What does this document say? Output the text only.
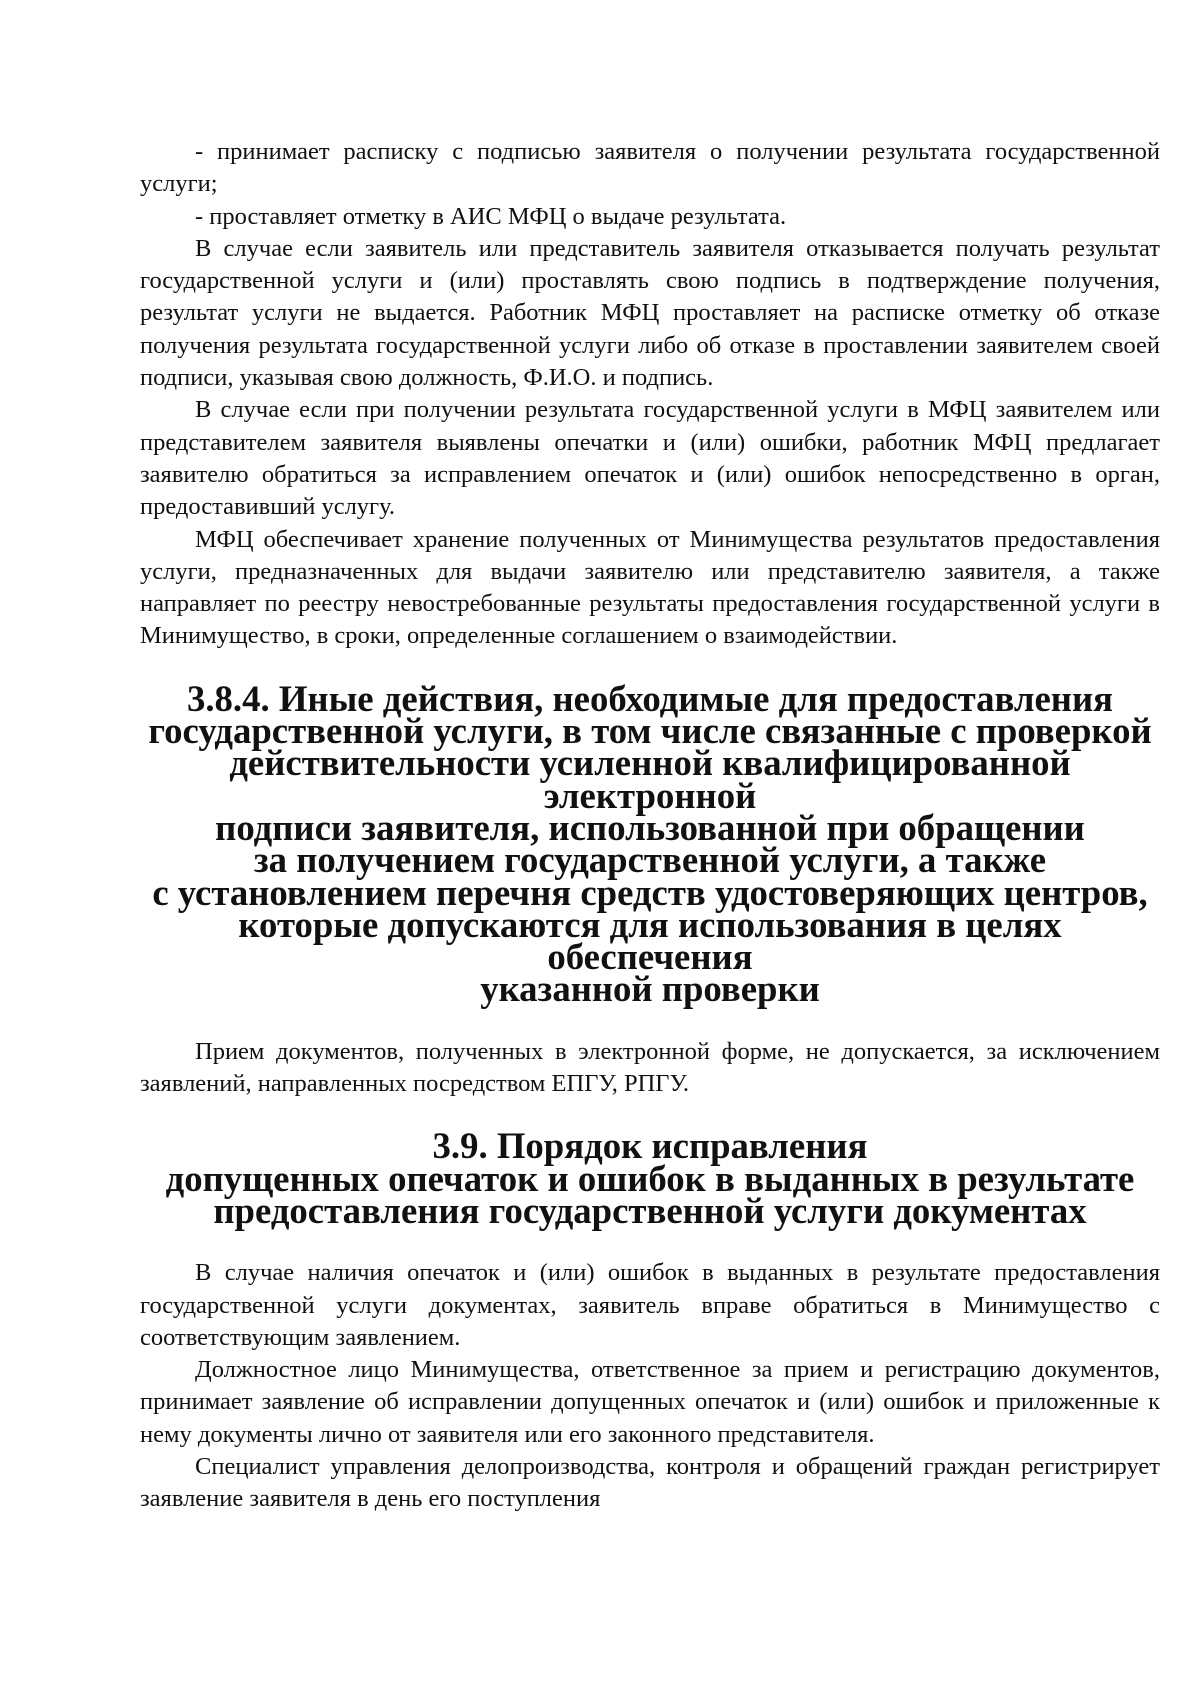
- принимает расписку с подписью заявителя о получении результата государственной услуги;

- проставляет отметку в АИС МФЦ о выдаче результата.

В случае если заявитель или представитель заявителя отказывается получать результат государственной услуги и (или) проставлять свою подпись в подтверждение получения, результат услуги не выдается. Работник МФЦ проставляет на расписке отметку об отказе получения результата государственной услуги либо об отказе в проставлении заявителем своей подписи, указывая свою должность, Ф.И.О. и подпись.

В случае если при получении результата государственной услуги в МФЦ заявителем или представителем заявителя выявлены опечатки и (или) ошибки, работник МФЦ предлагает заявителю обратиться за исправлением опечаток и (или) ошибок непосредственно в орган, предоставивший услугу.

МФЦ обеспечивает хранение полученных от Минимущества результатов предоставления услуги, предназначенных для выдачи заявителю или представителю заявителя, а также направляет по реестру невостребованные результаты предоставления государственной услуги в Минимущество, в сроки, определенные соглашением о взаимодействии.

3.8.4. Иные действия, необходимые для предоставления
государственной услуги, в том числе связанные с проверкой
действительности усиленной квалифицированной электронной
подписи заявителя, использованной при обращении
за получением государственной услуги, а также
с установлением перечня средств удостоверяющих центров,
которые допускаются для использования в целях обеспечения
указанной проверки

Прием документов, полученных в электронной форме, не допускается, за исключением заявлений, направленных посредством ЕПГУ, РПГУ.

3.9. Порядок исправления
допущенных опечаток и ошибок в выданных в результате
предоставления государственной услуги документах

В случае наличия опечаток и (или) ошибок в выданных в результате предоставления государственной услуги документах, заявитель вправе обратиться в Минимущество с соответствующим заявлением.

Должностное лицо Минимущества, ответственное за прием и регистрацию документов, принимает заявление об исправлении допущенных опечаток и (или) ошибок и приложенные к нему документы лично от заявителя или его законного представителя.

Специалист управления делопроизводства, контроля и обращений граждан регистрирует заявление заявителя в день его поступления
